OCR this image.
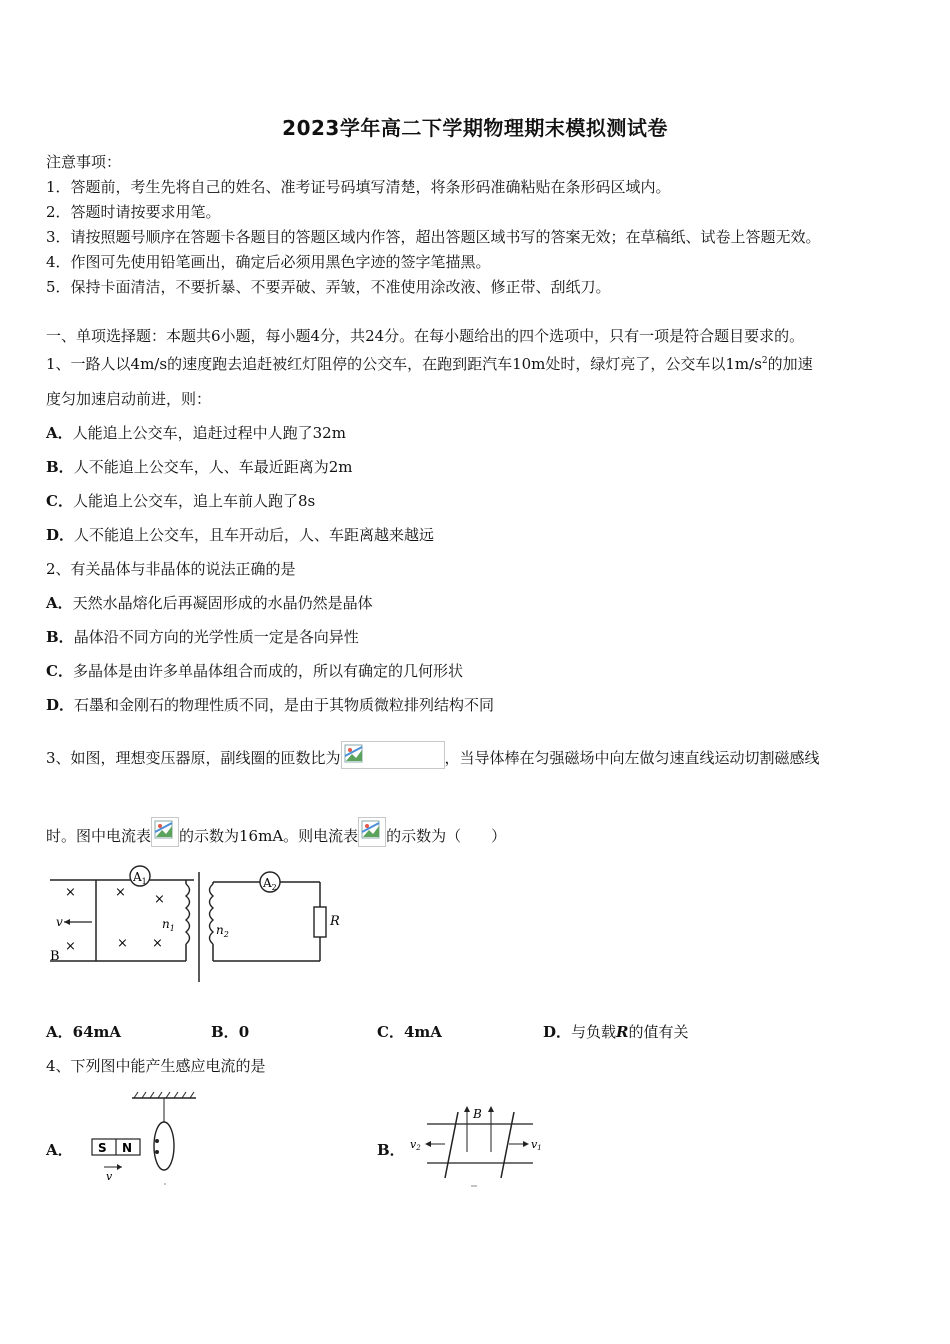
2023学年高二下学期物理期末模拟测试卷
注意事项：
1．答题前，考生先将自己的姓名、准考证号码填写清楚，将条形码准确粘贴在条形码区域内。
2．答题时请按要求用笔。
3．请按照题号顺序在答题卡各题目的答题区域内作答，超出答题区域书写的答案无效；在草稿纸、试卷上答题无效。
4．作图可先使用铅笔画出，确定后必须用黑色字迹的签字笔描黑。
5．保持卡面清洁，不要折暴、不要弄破、弄皱，不准使用涂改液、修正带、刮纸刀。
一、单项选择题：本题共6小题，每小题4分，共24分。在每小题给出的四个选项中，只有一项是符合题目要求的。
1、一路人以4m/s的速度跑去追赶被红灯阻停的公交车，在跑到距汽车10m处时，绿灯亮了，公交车以$1m/s^2$的加速
度匀加速启动前进，则：
A．人能追上公交车，追赶过程中人跑了32m
B．人不能追上公交车，人、车最近距离为2m
C．人能追上公交车，追上车前人跑了8s
D．人不能追上公交车，且车开动后，人、车距离越来越远
2、有关晶体与非晶体的说法正确的是
A．天然水晶熔化后再凝固形成的水晶仍然是晶体
B．晶体沿不同方向的光学性质一定是各向异性
C．多晶体是由许多单晶体组合而成的，所以有确定的几何形状
D．石墨和金刚石的物理性质不同，是由于其物质微粒排列结构不同
3、如图，理想变压器原，副线圈的匝数比为	，当导体棒在匀强磁场中向左做匀速直线运动切割磁感线
时。图中电流表 的示数为16mA。则电流表 的示数为（　　）
×	× ×
×	× ×
v
B
$A_1$
$n_1$	$n_2$
$A_2$
R
A．64mA	B．0	C．4mA	D．与负载R的值有关
4、下列图中能产生感应电流的是
A． S N
v
B．
B
v2	v1
